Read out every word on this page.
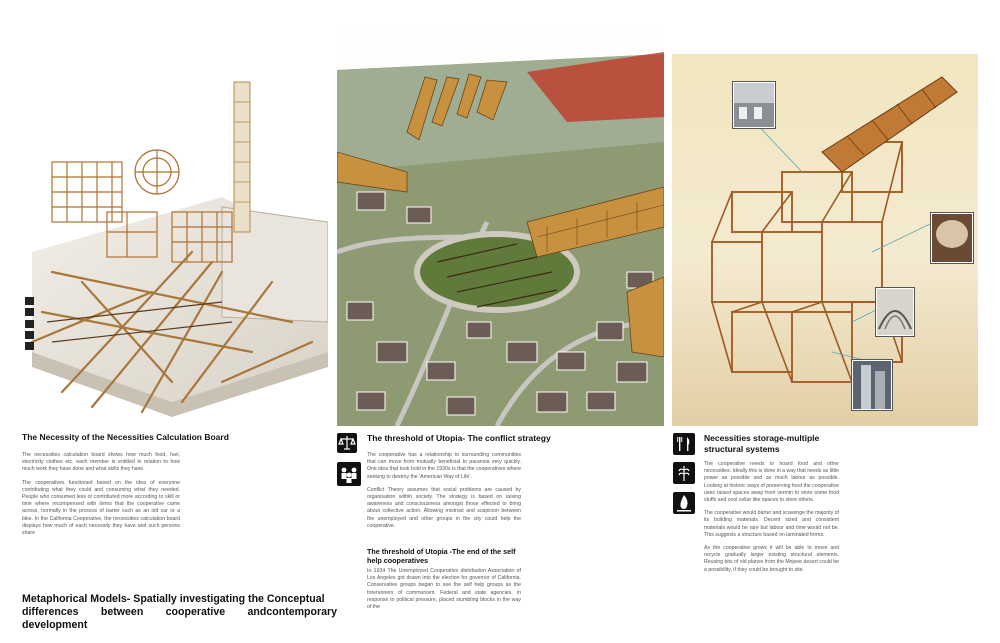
The Necessity of the Necessities Calculation Board

The necessities calculation board shows how much food, fuel, electricity clothes etc. each member is entitled in relation to how much work they have done and what skills they have.

The cooperatives functioned based on the idea of everyone contributing what they could and consuming what they needed. People who consumed less or contributed more according to skill or time where recompensed with items that the cooperative came across, normally in the process of barter such as an old car or a bike. In the California Cooperative, the necessities calculation board displays how much of each necessity they have and such persons share

The threshold of Utopia- The conflict strategy

The cooperative has a relationship to surrounding communities that can move from mutually beneficial to paranoia very quickly. One idea that took hold in the 1930s is that the cooperatives where seeking to destroy the 'American Way of Life'.

Conflict Theory assumes that social problems are caused by organisation within society. The strategy is based on raising awareness and consciousness amongst those effected to bring about collective action. Allowing mistrust and suspicion between the unemployed and other groups in the city could help the cooperative.

The threshold of Utopia -The end of the self help cooperatives

In 1934 The Unemployed Cooperative distribution Association of Los Angeles got drawn into the election for governor of California. Conservative groups began to see the self help groups as the forerunners of communism. Federal and state agencies, in response to political pressure, placed stumbling blocks in the way of the

Necessities storage-multiple structural systems

The cooperative needs to hoard food and other necessities. Ideally this is done in a way that needs as little power as possible and as much labour as possible. Looking at historic ways of preserving food the cooperative uses raised spaces away from vermin to store some food stuffs and cool cellar like spaces to store others.

The cooperative would barter and scavenge the majority of its building materials. Decent sized and consistent materials would be rare but labour and time would not be. This suggests a structure based on laminated forms.

As the cooperative grows it will be able to move and recycle gradually larger existing structural elements. Reusing bits of old planes from the Mojave desert could be a possibility, if they could be brought to site.

Metaphorical Models- Spatially investigating the Conceptual
differences between cooperative andcontemporary development
